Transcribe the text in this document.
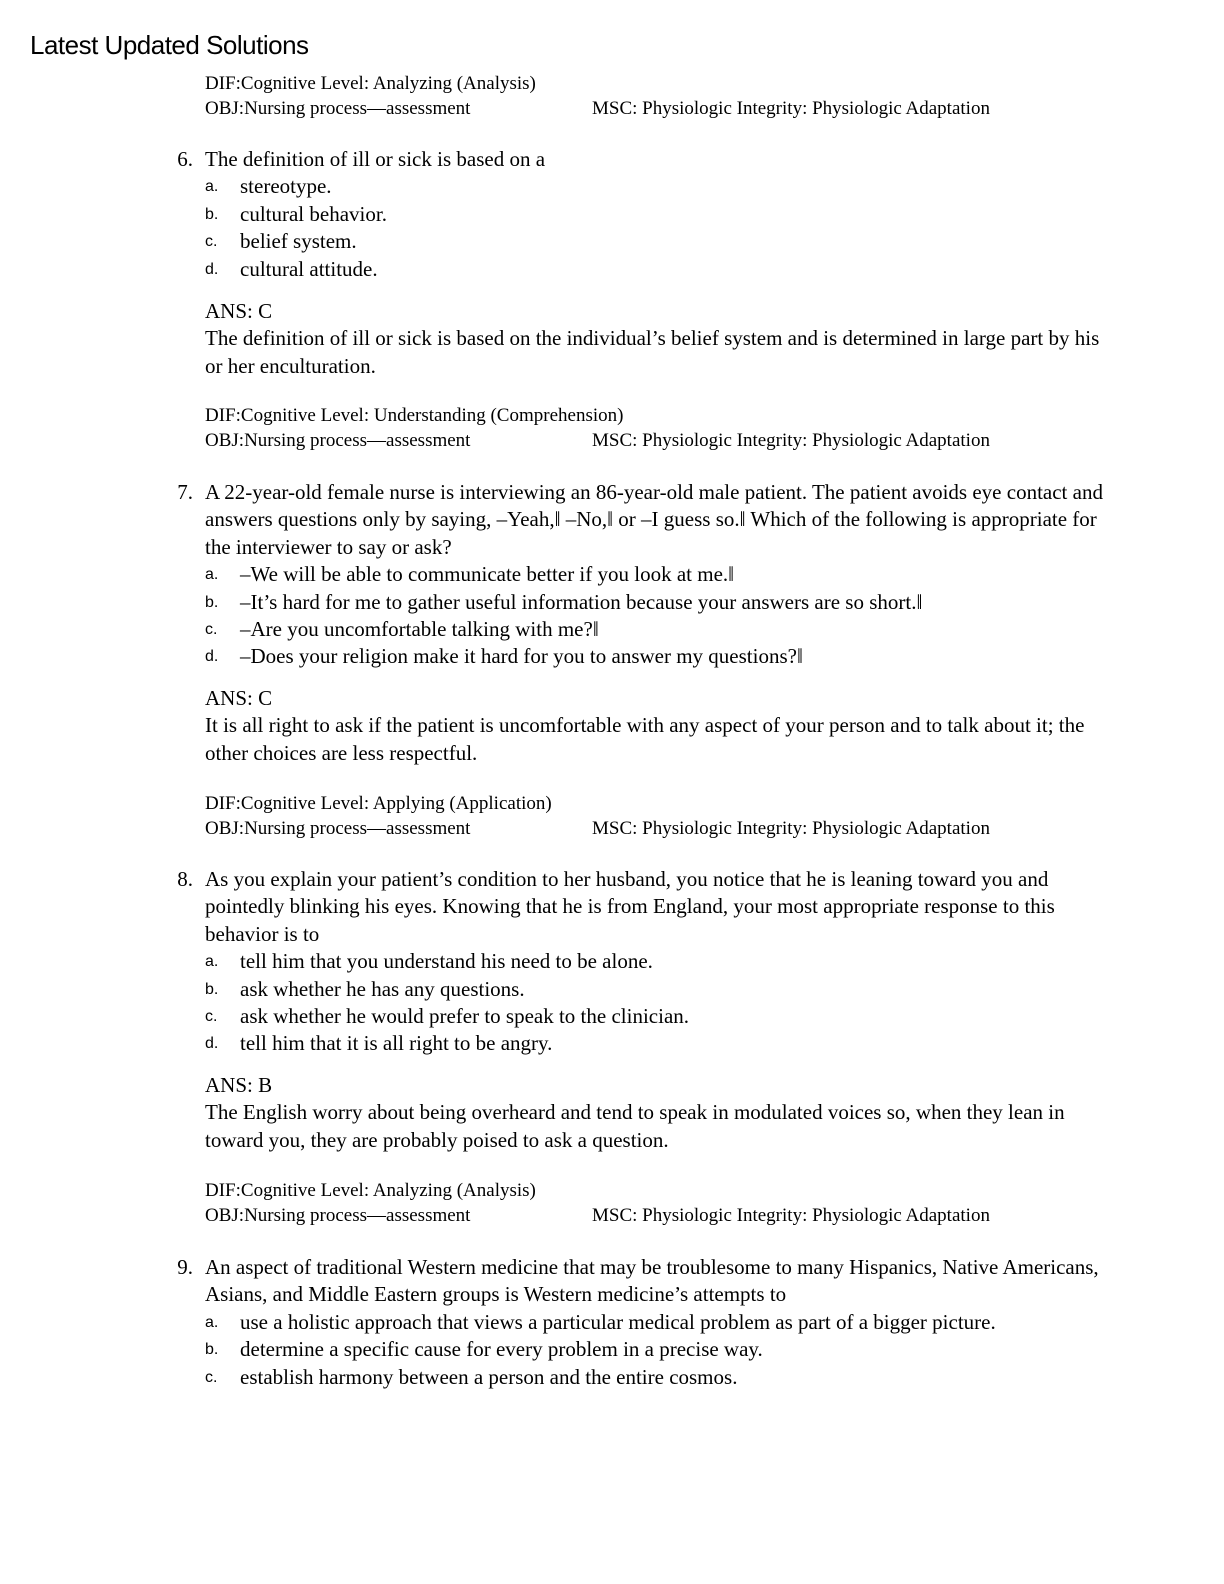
Latest Updated Solutions
DIF:Cognitive Level: Analyzing (Analysis)
OBJ:Nursing process—assessment	MSC: Physiologic Integrity: Physiologic Adaptation
6. The definition of ill or sick is based on a
a. stereotype.
b. cultural behavior.
c. belief system.
d. cultural attitude.
ANS: C
The definition of ill or sick is based on the individual’s belief system and is determined in large part by his or her enculturation.
DIF:Cognitive Level: Understanding (Comprehension)
OBJ:Nursing process—assessment	MSC: Physiologic Integrity: Physiologic Adaptation
7. A 22-year-old female nurse is interviewing an 86-year-old male patient. The patient avoids eye contact and answers questions only by saying, –Yeah,‖ –No,‖ or –I guess so.‖ Which of the following is appropriate for the interviewer to say or ask?
a. –We will be able to communicate better if you look at me.‖
b. –It’s hard for me to gather useful information because your answers are so short.‖
c. –Are you uncomfortable talking with me?‖
d. –Does your religion make it hard for you to answer my questions?‖
ANS: C
It is all right to ask if the patient is uncomfortable with any aspect of your person and to talk about it; the other choices are less respectful.
DIF:Cognitive Level: Applying (Application)
OBJ:Nursing process—assessment	MSC: Physiologic Integrity: Physiologic Adaptation
8. As you explain your patient’s condition to her husband, you notice that he is leaning toward you and pointedly blinking his eyes. Knowing that he is from England, your most appropriate response to this behavior is to
a. tell him that you understand his need to be alone.
b. ask whether he has any questions.
c. ask whether he would prefer to speak to the clinician.
d. tell him that it is all right to be angry.
ANS: B
The English worry about being overheard and tend to speak in modulated voices so, when they lean in toward you, they are probably poised to ask a question.
DIF:Cognitive Level: Analyzing (Analysis)
OBJ:Nursing process—assessment	MSC: Physiologic Integrity: Physiologic Adaptation
9. An aspect of traditional Western medicine that may be troublesome to many Hispanics, Native Americans, Asians, and Middle Eastern groups is Western medicine’s attempts to
a. use a holistic approach that views a particular medical problem as part of a bigger picture.
b. determine a specific cause for every problem in a precise way.
c. establish harmony between a person and the entire cosmos.
